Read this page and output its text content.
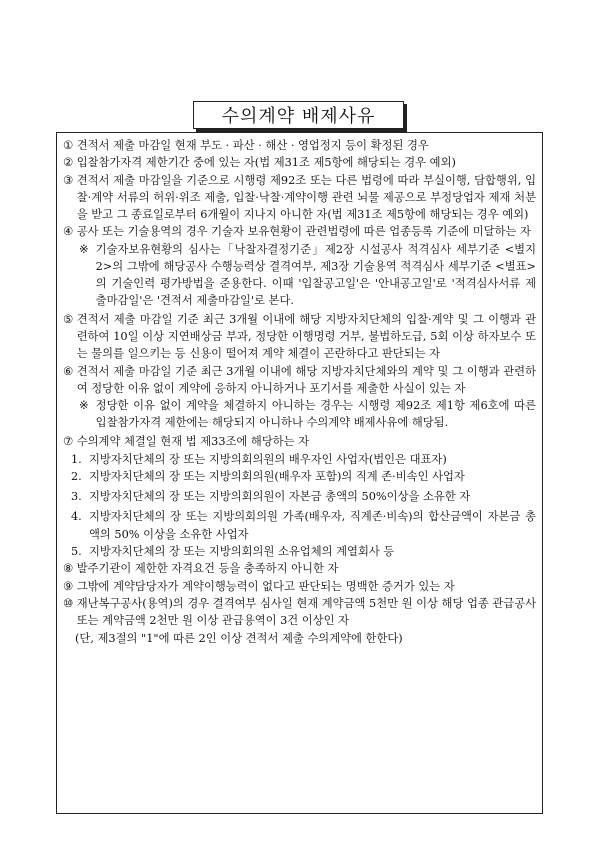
수의계약 배제사유
①
견적서 제출 마감일 현재 부도 · 파산 · 해산 · 영업정지 등이 확정된 경우
②
입찰참가자격 제한기간 중에 있는 자(법 제31조 제5항에 해당되는 경우 예외)
③
견적서 제출 마감일을 기준으로 시행령 제92조 또는 다른 법령에 따라 부실이행, 담합행위, 입찰·계약 서류의 허위·위조 제출, 입찰·낙찰·계약이행 관련 뇌물 제공으로 부정당업자 제재 처분을 받고 그 종료일로부터 6개월이 지나지 아니한 자(법 제31조 제5항에 해당되는 경우 예외)
④
공사 또는 기술용역의 경우 기술자 보유현황이 관련법령에 따른 업종등록 기준에 미달하는 자
※
기술자보유현황의 심사는「낙찰자결정기준」제2장 시설공사 적격심사 세부기준 <별지 2>의 그밖에 해당공사 수행능력상 결격여부, 제3장 기술용역 적격심사 세부기준 <별표>의 기술인력 평가방법을 준용한다. 이때 '입찰공고일'은 '안내공고일'로 '적격심사서류 제출마감일'은 '견적서 제출마감일'로 본다.
⑤
견적서 제출 마감일 기준 최근 3개월 이내에 해당 지방자치단체의 입찰·계약 및 그 이행과 관련하여 10일 이상 지연배상금 부과, 정당한 이행명령 거부, 불법하도급, 5회 이상 하자보수 또는 물의를 일으키는 등 신용이 떨어져 계약 체결이 곤란하다고 판단되는 자
⑥
견적서 제출 마감일 기준 최근 3개월 이내에 해당 지방자치단체와의 계약 및 그 이행과 관련하여 정당한 이유 없이 계약에 응하지 아니하거나 포기서를 제출한 사실이 있는 자
※
정당한 이유 없이 계약을 체결하지 아니하는 경우는 시행령 제92조 제1항 제6호에 따른 입찰참가자격 제한에는 해당되지 아니하나 수의계약 배제사유에 해당됨.
⑦
수의계약 체결일 현재 법 제33조에 해당하는 자
1. 지방자치단체의 장 또는 지방의회의원의 배우자인 사업자(법인은 대표자)
2. 지방자치단체의 장 또는 지방의회의원(배우자 포함)의 직계 존·비속인 사업자
3. 지방자치단체의 장 또는 지방의회의원이 자본금 총액의 50%이상을 소유한 자
4. 지방자치단체의 장 또는 지방의회의원 가족(배우자, 직계존·비속)의 합산금액이 자본금 총액의 50% 이상을 소유한 사업자
5. 지방자치단체의 장 또는 지방의회의원 소유업체의 계열회사 등
⑧
발주기관이 제한한 자격요건 등을 충족하지 아니한 자
⑨
그밖에 계약담당자가 계약이행능력이 없다고 판단되는 명백한 증거가 있는 자
⑩
재난복구공사(용역)의 경우 결격여부 심사일 현재 계약금액 5천만 원 이상 해당 업종 관급공사 또는 계약금액 2천만 원 이상 관급용역이 3건 이상인 자
(단, 제3절의 "1"에 따른 2인 이상 견적서 제출 수의계약에 한한다)
